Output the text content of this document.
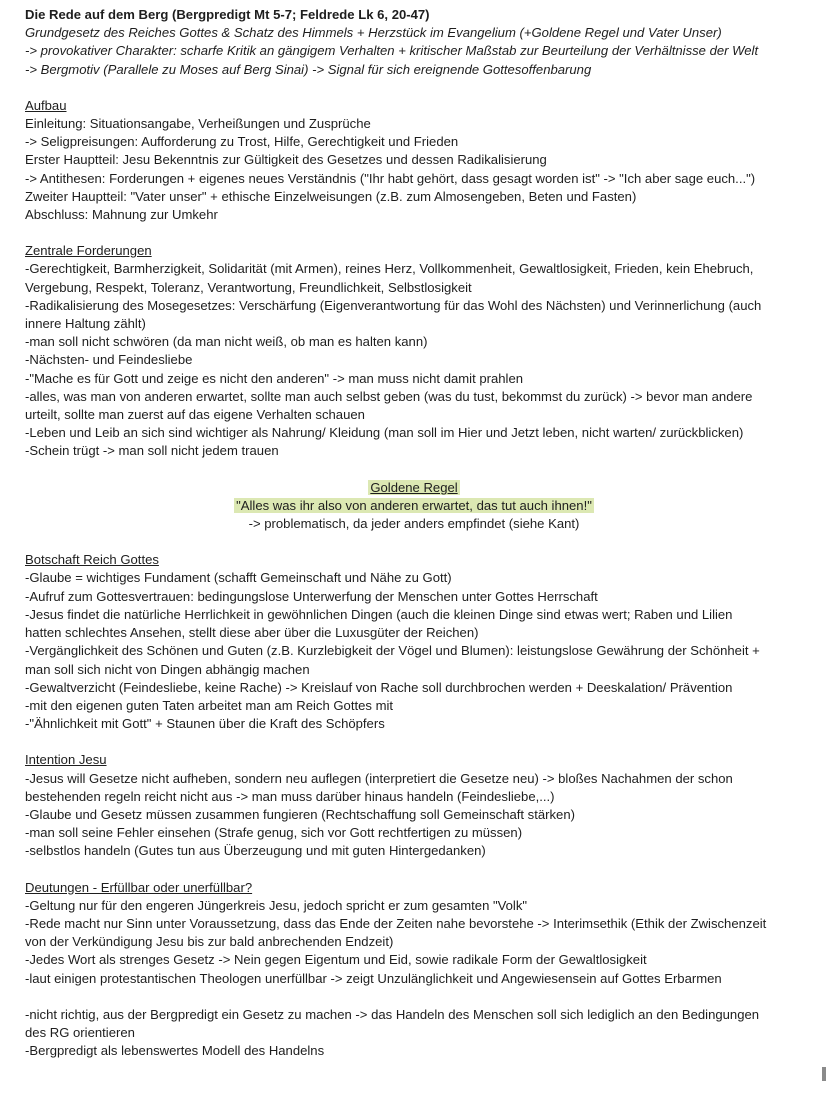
Die Rede auf dem Berg (Bergpredigt Mt 5-7; Feldrede Lk 6, 20-47)
Grundgesetz des Reiches Gottes & Schatz des Himmels + Herzstück im Evangelium (+Goldene Regel und Vater Unser)
-> provokativer Charakter: scharfe Kritik an gängigem Verhalten + kritischer Maßstab zur Beurteilung der Verhältnisse der Welt
-> Bergmotiv (Parallele zu Moses auf Berg Sinai) -> Signal für sich ereignende Gottesoffenbarung
Aufbau
Einleitung: Situationsangabe, Verheißungen und Zusprüche
-> Seligpreisungen: Aufforderung zu Trost, Hilfe, Gerechtigkeit und Frieden
Erster Hauptteil: Jesu Bekenntnis zur Gültigkeit des Gesetzes und dessen Radikalisierung
-> Antithesen: Forderungen + eigenes neues Verständnis ("Ihr habt gehört, dass gesagt worden ist" -> "Ich aber sage euch...")
Zweiter Hauptteil: "Vater unser" + ethische Einzelweisungen (z.B. zum Almosengeben, Beten und Fasten)
Abschluss: Mahnung zur Umkehr
Zentrale Forderungen
-Gerechtigkeit, Barmherzigkeit, Solidarität (mit Armen), reines Herz, Vollkommenheit, Gewaltlosigkeit, Frieden, kein Ehebruch,
Vergebung, Respekt, Toleranz, Verantwortung, Freundlichkeit, Selbstlosigkeit
-Radikalisierung des Mosegesetzes: Verschärfung (Eigenverantwortung für das Wohl des Nächsten) und Verinnerlichung (auch
innere Haltung zählt)
-man soll nicht schwören (da man nicht weiß, ob man es halten kann)
-Nächsten- und Feindesliebe
-"Mache es für Gott und zeige es nicht den anderen" -> man muss nicht damit prahlen
-alles, was man von anderen erwartet, sollte man auch selbst geben (was du tust, bekommst du zurück) -> bevor man andere
urteilt, sollte man zuerst auf das eigene Verhalten schauen
-Leben und Leib an sich sind wichtiger als Nahrung/ Kleidung (man soll im Hier und Jetzt leben, nicht warten/ zurückblicken)
-Schein trügt -> man soll nicht jedem trauen
Goldene Regel
"Alles was ihr also von anderen erwartet, das tut auch ihnen!"
-> problematisch, da jeder anders empfindet (siehe Kant)
Botschaft Reich Gottes
-Glaube = wichtiges Fundament (schafft Gemeinschaft und Nähe zu Gott)
-Aufruf zum Gottesvertrauen: bedingungslose Unterwerfung der Menschen unter Gottes Herrschaft
-Jesus findet die natürliche Herrlichkeit in gewöhnlichen Dingen (auch die kleinen Dinge sind etwas wert; Raben und Lilien
hatten schlechtes Ansehen, stellt diese aber über die Luxusgüter der Reichen)
-Vergänglichkeit des Schönen und Guten (z.B. Kurzlebigkeit der Vögel und Blumen): leistungslose Gewährung der Schönheit +
man soll sich nicht von Dingen abhängig machen
-Gewaltverzicht (Feindesliebe, keine Rache) -> Kreislauf von Rache soll durchbrochen werden + Deeskalation/ Prävention
-mit den eigenen guten Taten arbeitet man am Reich Gottes mit
-"Ähnlichkeit mit Gott" + Staunen über die Kraft des Schöpfers
Intention Jesu
-Jesus will Gesetze nicht aufheben, sondern neu auflegen (interpretiert die Gesetze neu) -> bloßes Nachahmen der schon
bestehenden regeln reicht nicht aus -> man muss darüber hinaus handeln (Feindesliebe,...)
-Glaube und Gesetz müssen zusammen fungieren (Rechtschaffung soll Gemeinschaft stärken)
-man soll seine Fehler einsehen (Strafe genug, sich vor Gott rechtfertigen zu müssen)
-selbstlos handeln (Gutes tun aus Überzeugung und mit guten Hintergedanken)
Deutungen - Erfüllbar oder unerfüllbar?
-Geltung nur für den engeren Jüngerkreis Jesu, jedoch spricht er zum gesamten "Volk"
-Rede macht nur Sinn unter Voraussetzung, dass das Ende der Zeiten nahe bevorstehe -> Interimsethik (Ethik der Zwischenzeit
von der Verkündigung Jesu bis zur bald anbrechenden Endzeit)
-Jedes Wort als strenges Gesetz -> Nein gegen Eigentum und Eid, sowie radikale Form der Gewaltlosigkeit
-laut einigen protestantischen Theologen unerfüllbar -> zeigt Unzulänglichkeit und Angewiesensein auf Gottes Erbarmen
-nicht richtig, aus der Bergpredigt ein Gesetz zu machen -> das Handeln des Menschen soll sich lediglich an den Bedingungen
des RG orientieren
-Bergpredigt als lebenswertes Modell des Handelns
